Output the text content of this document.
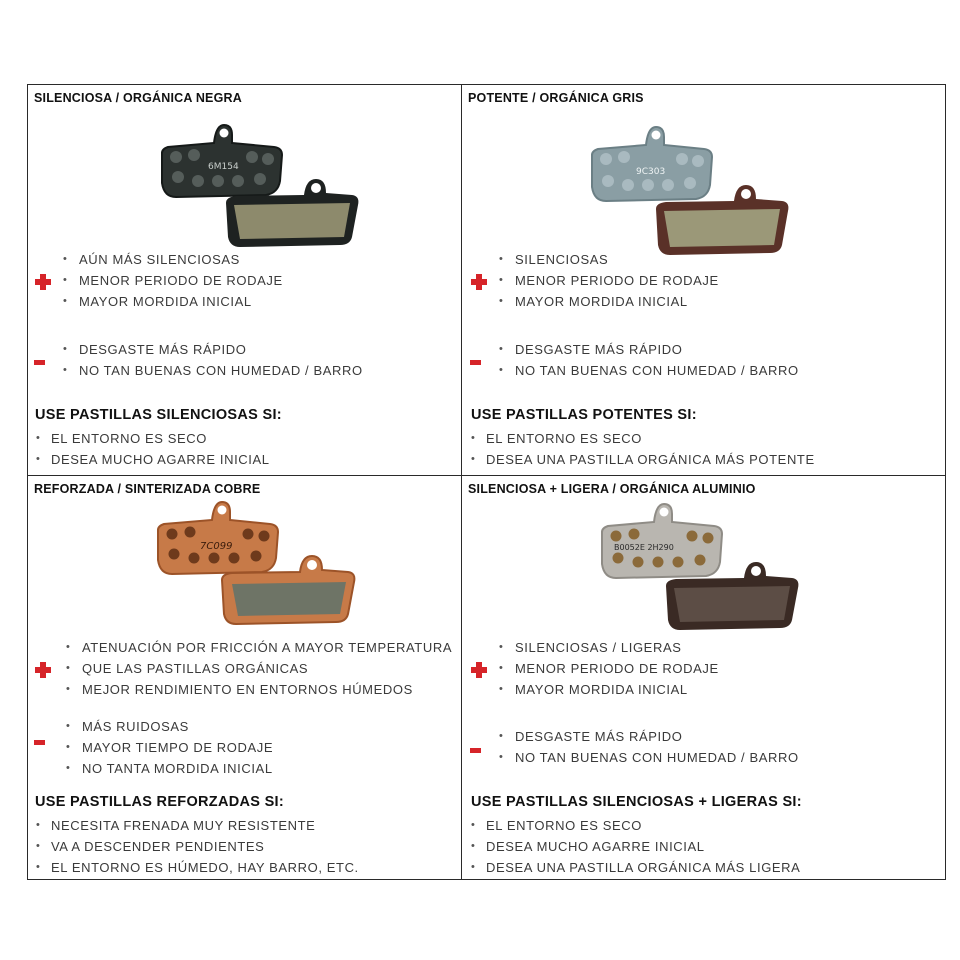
SILENCIOSA / ORGÁNICA NEGRA
6M154
• AÚN MÁS SILENCIOSAS
• MENOR PERIODO DE RODAJE
• MAYOR MORDIDA INICIAL
• DESGASTE MÁS RÁPIDO
• NO TAN BUENAS CON HUMEDAD / BARRO
USE PASTILLAS SILENCIOSAS SI:
• EL ENTORNO ES SECO
• DESEA MUCHO AGARRE INICIAL
POTENTE / ORGÁNICA GRIS
9C303
• SILENCIOSAS
• MENOR PERIODO DE RODAJE
• MAYOR MORDIDA INICIAL
• DESGASTE MÁS RÁPIDO
• NO TAN BUENAS CON HUMEDAD / BARRO
USE PASTILLAS POTENTES SI:
• EL ENTORNO ES SECO
• DESEA UNA PASTILLA ORGÁNICA MÁS POTENTE
REFORZADA / SINTERIZADA COBRE
7C099
• ATENUACIÓN POR FRICCIÓN A MAYOR TEMPERATURA
• QUE LAS PASTILLAS ORGÁNICAS
• MEJOR RENDIMIENTO EN ENTORNOS HÚMEDOS
• MÁS RUIDOSAS
• MAYOR TIEMPO DE RODAJE
• NO TANTA MORDIDA INICIAL
USE PASTILLAS REFORZADAS SI:
• NECESITA FRENADA MUY RESISTENTE
• VA A DESCENDER PENDIENTES
• EL ENTORNO ES HÚMEDO, HAY BARRO, ETC.
SILENCIOSA + LIGERA / ORGÁNICA ALUMINIO
B0052E 2H290
• SILENCIOSAS / LIGERAS
• MENOR PERIODO DE RODAJE
• MAYOR MORDIDA INICIAL
• DESGASTE MÁS RÁPIDO
• NO TAN BUENAS CON HUMEDAD / BARRO
USE PASTILLAS SILENCIOSAS + LIGERAS SI:
• EL ENTORNO ES SECO
• DESEA MUCHO AGARRE INICIAL
• DESEA UNA PASTILLA ORGÁNICA MÁS LIGERA
